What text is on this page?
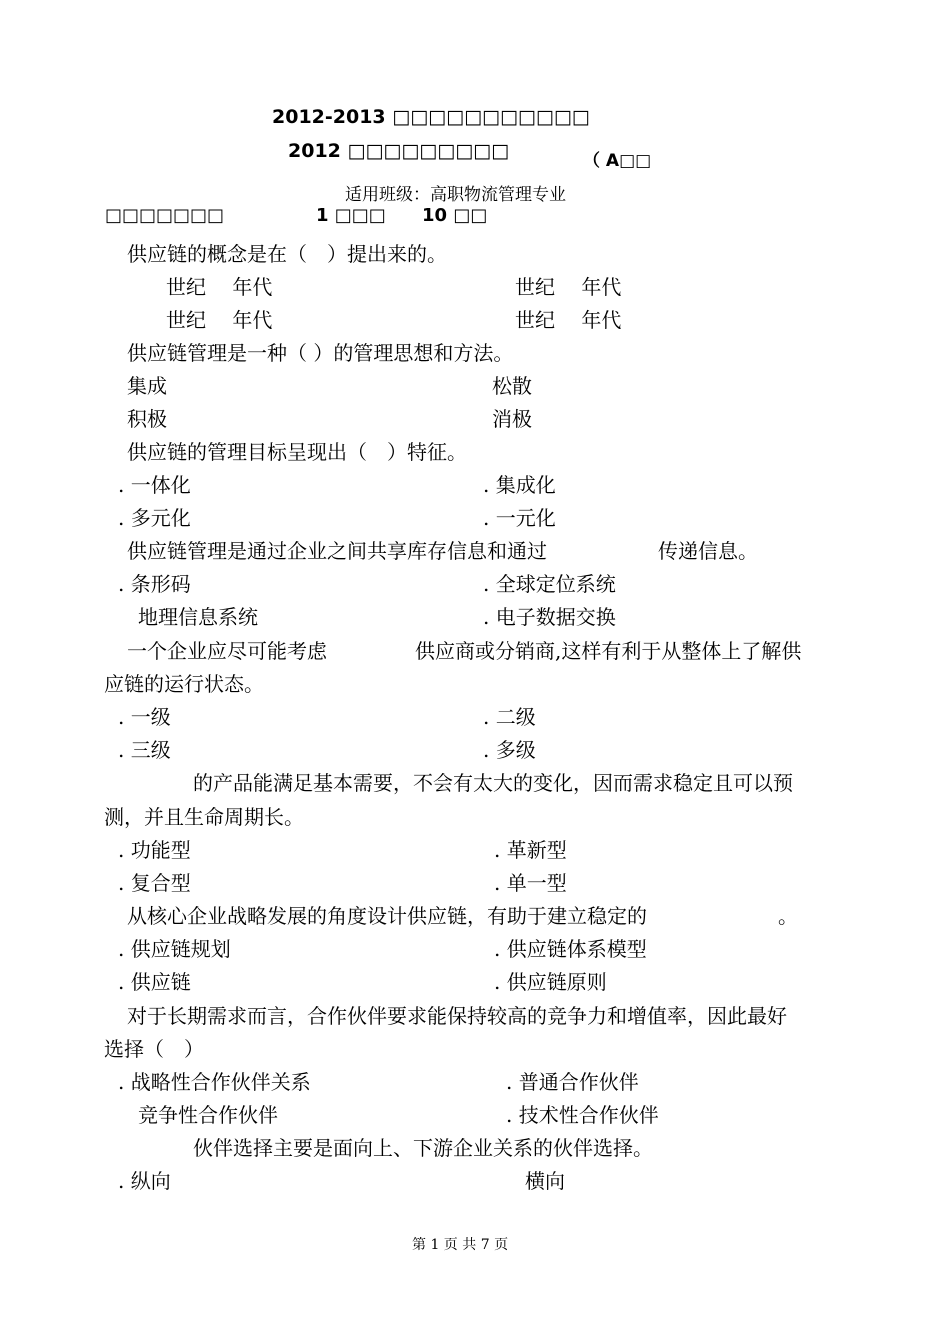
2012-2013 □□□□□□□□□□□
2012 □□□□□□□□□	（ A□□
适用班级：高职物流管理专业
□□□□□□□	1 □□□ 10 □□
供应链的概念是在（　）提出来的。
世纪　 年代	世纪　 年代
世纪　 年代	世纪　 年代
供应链管理是一种（ ）的管理思想和方法。
集成	松散
积极	消极
供应链的管理目标呈现出（　）特征。
. 一体化	. 集成化
. 多元化	. 一元化
供应链管理是通过企业之间共享库存信息和通过	传递信息。
. 条形码	. 全球定位系统
地理信息系统	. 电子数据交换
一个企业应尽可能考虑	供应商或分销商,这样有利于从整体上了解供
应链的运行状态。
. 一级	. 二级
. 三级	. 多级
的产品能满足基本需要，不会有太大的变化，因而需求稳定且可以预
测，并且生命周期长。
. 功能型	. 革新型
. 复合型	. 单一型
从核心企业战略发展的角度设计供应链，有助于建立稳定的	。
. 供应链规划	. 供应链体系模型
. 供应链	. 供应链原则
对于长期需求而言，合作伙伴要求能保持较高的竞争力和增值率，因此最好
选择（　）
. 战略性合作伙伴关系	. 普通合作伙伴
竞争性合作伙伴	. 技术性合作伙伴
伙伴选择主要是面向上、下游企业关系的伙伴选择。
. 纵向	横向
第 1 页 共 7 页
